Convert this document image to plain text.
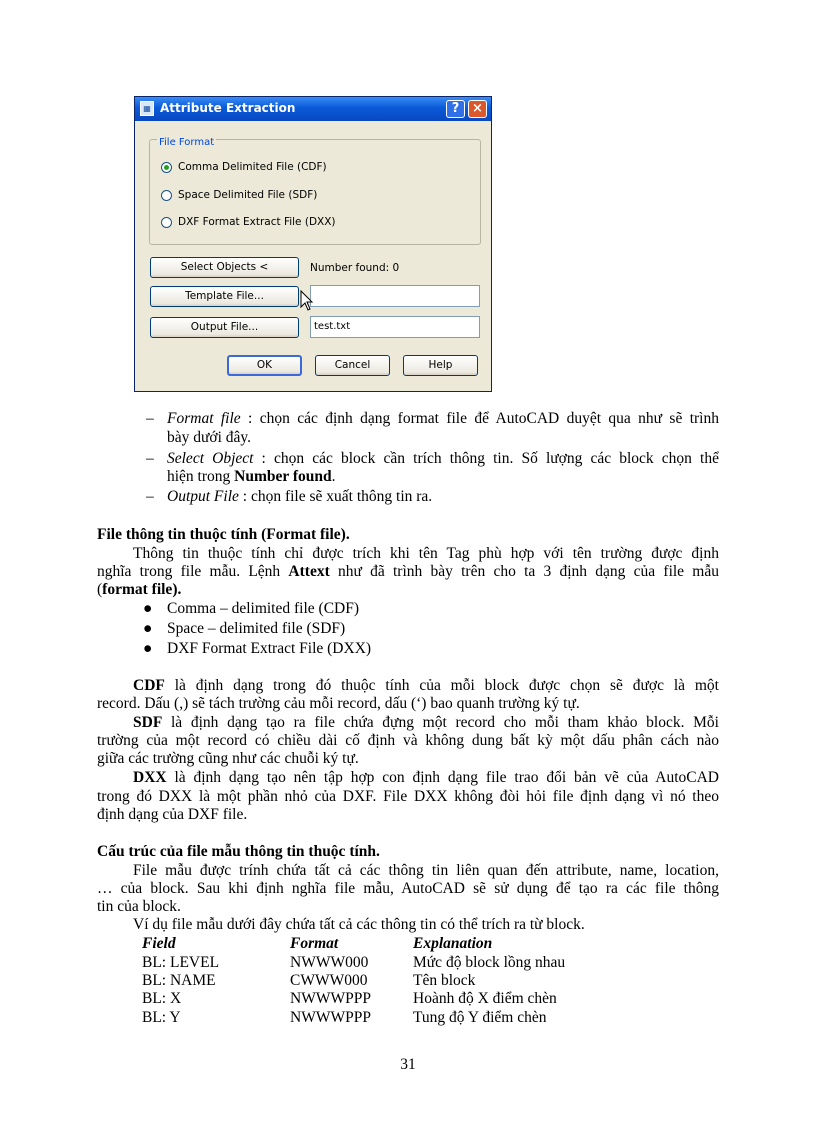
▦ Attribute Extraction	? ×
File Format
Comma Delimited File (CDF)
Space Delimited File (SDF)
DXF Format Extract File (DXX)
Select Objects <	Number found: 0
Template File...
Output File...	test.txt
OK	Cancel	Help
– Format file : chọn các định dạng format file để AutoCAD duyệt qua như sẽ trình
bày dưới đây.
– Select Object : chọn các block cần trích thông tin. Số lượng các block chọn thể
hiện trong Number found.
– Output File : chọn file sẽ xuất thông tin ra.
File thông tin thuộc tính (Format file).
Thông tin thuộc tính chỉ được trích khi tên Tag phù hợp với tên trường được định
nghĩa trong file mẫu. Lệnh Attext như đã trình bày trên cho ta 3 định dạng của file mẫu
(format file).
● Comma – delimited file (CDF)
● Space – delimited file (SDF)
● DXF Format Extract File (DXX)
CDF là định dạng trong đó thuộc tính của mỗi block được chọn sẽ được là một
record. Dấu (,) sẽ tách trường cảu mỗi record, dấu (‘) bao quanh trường ký tự.
SDF là định dạng tạo ra file chứa đựng một record cho mỗi tham khảo block. Mỗi
trường của một record có chiều dài cố định và không dung bất kỳ một dấu phân cách nào
giữa các trường cũng như các chuỗi ký tự.
DXX là định dạng tạo nên tập hợp con định dạng file trao đổi bản vẽ của AutoCAD
trong đó DXX là một phần nhỏ của DXF. File DXX không đòi hỏi file định dạng vì nó theo
định dạng của DXF file.
Cấu trúc của file mẫu thông tin thuộc tính.
File mẫu được trính chứa tất cả các thông tin liên quan đến attribute, name, location,
… của block. Sau khi định nghĩa file mẫu, AutoCAD sẽ sử dụng để tạo ra các file thông
tin của block.
Ví dụ file mẫu dưới đây chứa tất cả các thông tin có thể trích ra từ block.
Field	Format	Explanation
BL: LEVEL	NWWW000	Mức độ block lồng nhau
BL: NAME	CWWW000	Tên block
BL: X	NWWWPPP	Hoành độ X điểm chèn
BL: Y	NWWWPPP	Tung độ Y điểm chèn
31
